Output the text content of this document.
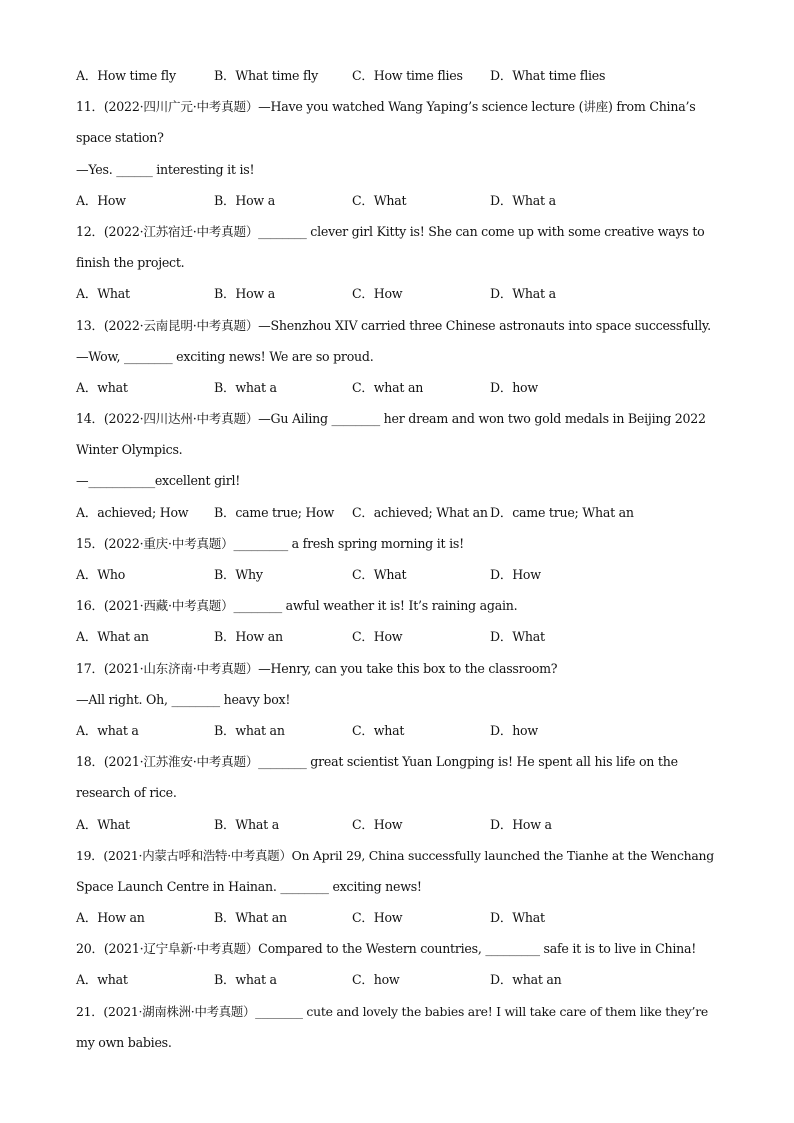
A．How time fly	B．What time fly	C．How time flies	D．What time flies
11．(2022·四川广元·中考真题）—Have you watched Wang Yaping’s science lecture (讲座) from China’s
space station?
—Yes. ______ interesting it is!
A．How	B．How a	C．What	D．What a
12．(2022·江苏宿迁·中考真题）________ clever girl Kitty is! She can come up with some creative ways to
finish the project.
A．What	B．How a	C．How	D．What a
13．(2022·云南昆明·中考真题）—Shenzhou XIV carried three Chinese astronauts into space successfully.
—Wow, ________ exciting news! We are so proud.
A．what	B．what a	C．what an	D．how
14．(2022·四川达州·中考真题）—Gu Ailing ________ her dream and won two gold medals in Beijing 2022
Winter Olympics.
—___________excellent girl!
A．achieved; How	B．came true; How	C．achieved; What an D．came true; What an
15．(2022·重庆·中考真题）_________ a fresh spring morning it is!
A．Who	B．Why	C．What	D．How
16．(2021·西藏·中考真题）________ awful weather it is! It’s raining again.
A．What an	B．How an	C．How	D．What
17．(2021·山东济南·中考真题）—Henry, can you take this box to the classroom?
—All right. Oh, ________ heavy box!
A．what a	B．what an	C．what	D．how
18．(2021·江苏淮安·中考真题）________ great scientist Yuan Longping is! He spent all his life on the
research of rice.
A．What	B．What a	C．How	D．How a
19．(2021·内蒙古呼和浩特·中考真题）On April 29, China successfully launched the Tianhe at the Wenchang
Space Launch Centre in Hainan. ________ exciting news!
A．How an	B．What an	C．How	D．What
20．(2021·辽宁阜新·中考真题）Compared to the Western countries, _________ safe it is to live in China!
A．what	B．what a	C．how	D．what an
21．(2021·湖南株洲·中考真题）________ cute and lovely the babies are! I will take care of them like they’re
my own babies.
